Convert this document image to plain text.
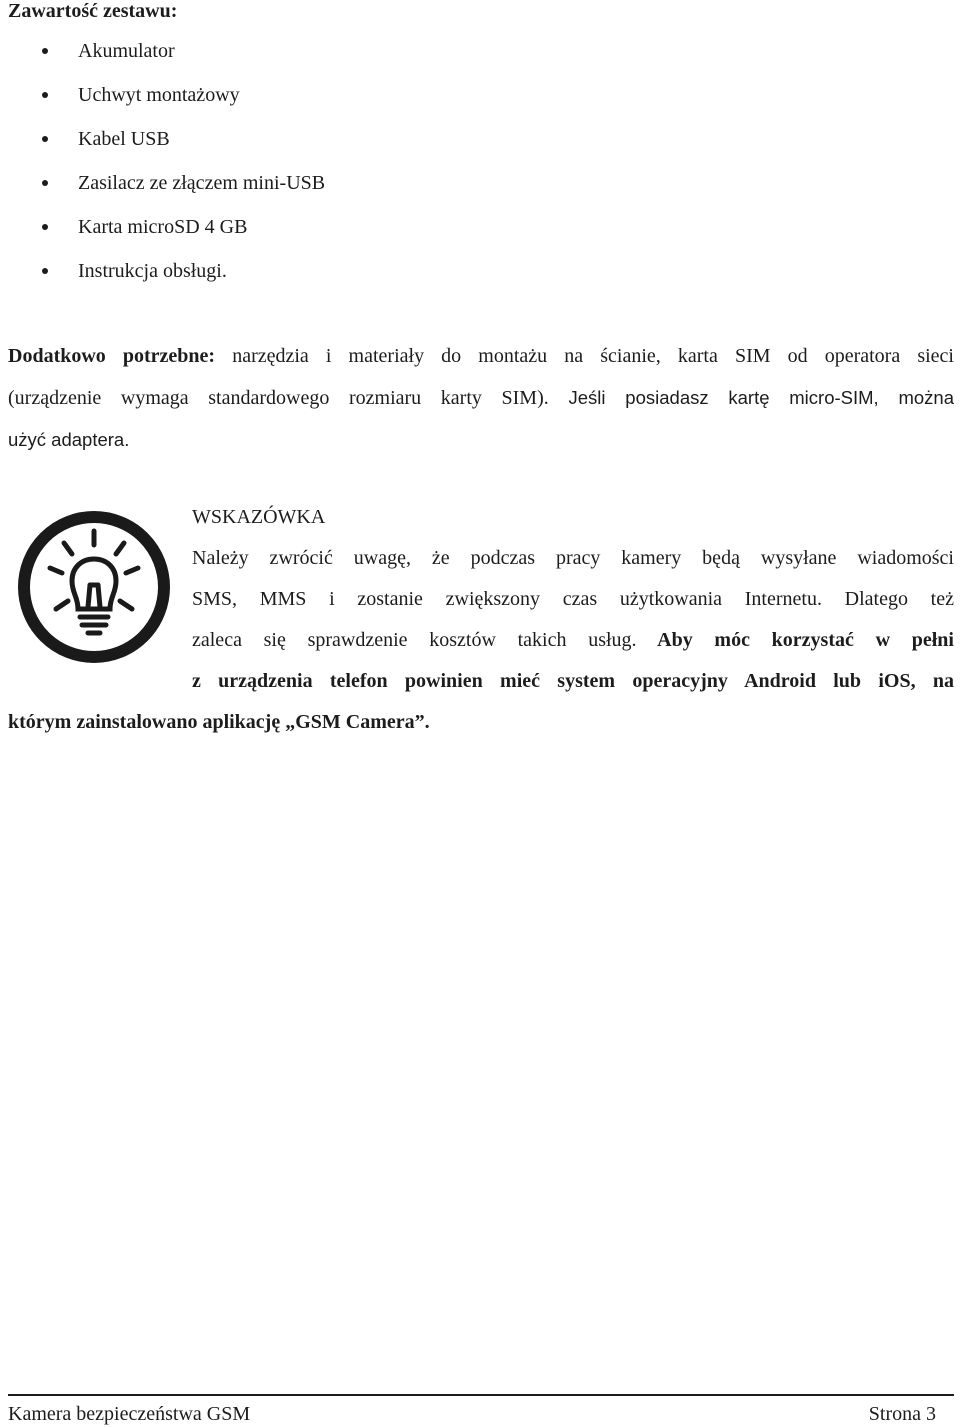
Zawartość zestawu:
Akumulator
Uchwyt montażowy
Kabel USB
Zasilacz ze złączem mini-USB
Karta microSD 4 GB
Instrukcja obsługi.

Dodatkowo potrzebne: narzędzia i materiały do montażu na ścianie, karta SIM od operatora sieci
(urządzenie wymaga standardowego rozmiaru karty SIM). Jeśli posiadasz kartę micro-SIM, można
użyć adaptera.

WSKAZÓWKA

Należy zwrócić uwagę, że podczas pracy kamery będą wysyłane wiadomości
SMS, MMS i zostanie zwiększony czas użytkowania Internetu. Dlatego też
zaleca się sprawdzenie kosztów takich usług. Aby móc korzystać w pełni
z urządzenia telefon powinien mieć system operacyjny Android lub iOS, na

którym zainstalowano aplikację „GSM Camera”.
Kamera bezpieczeństwa GSM	Strona 3
